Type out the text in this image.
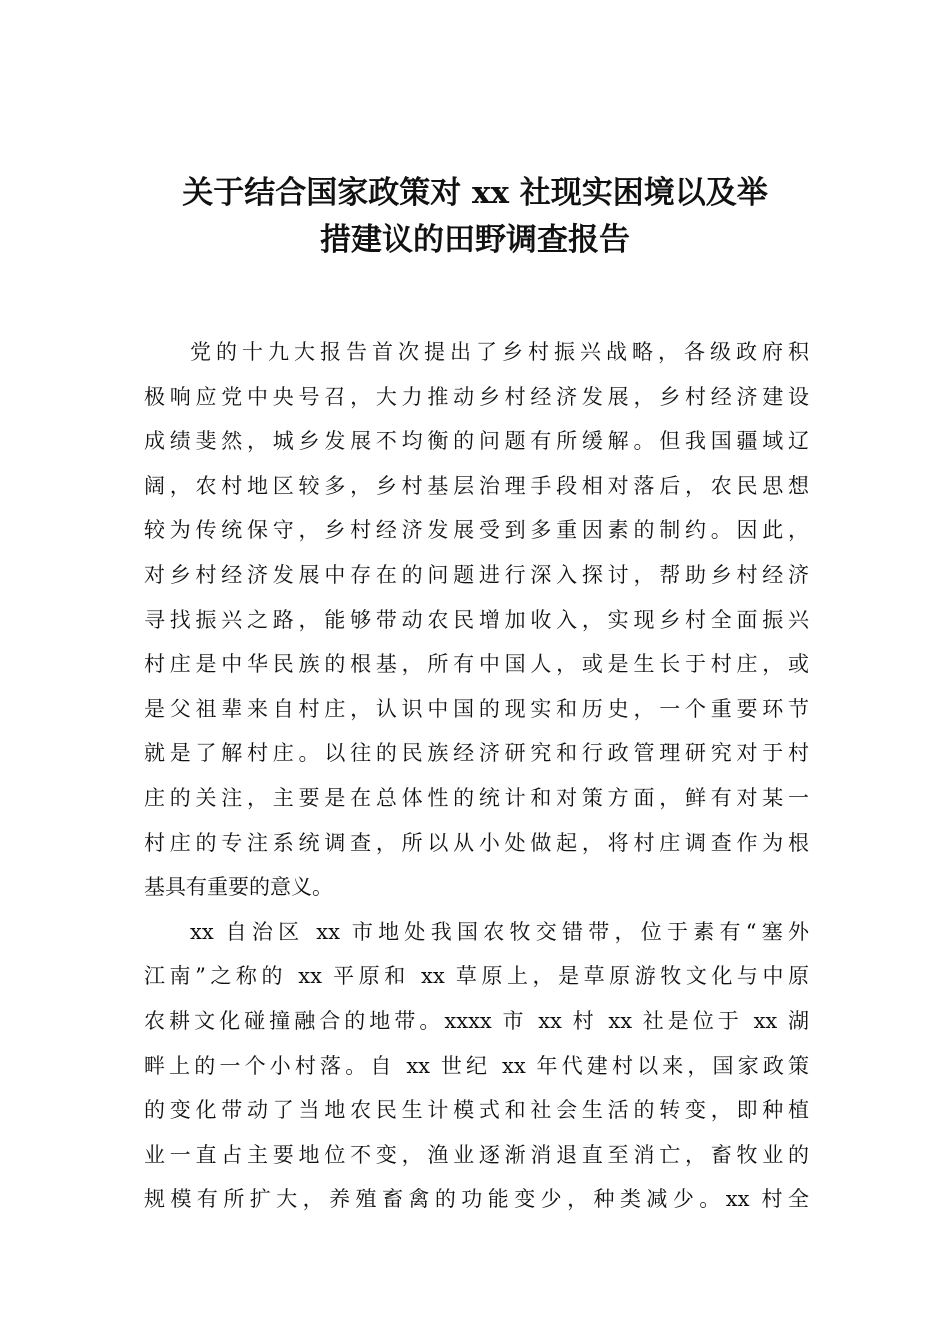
关于结合国家政策对 xx 社现实困境以及举
措建议的田野调查报告
党的十九大报告首次提出了乡村振兴战略，各级政府积
极响应党中央号召，大力推动乡村经济发展，乡村经济建设
成绩斐然，城乡发展不均衡的问题有所缓解。但我国疆域辽
阔，农村地区较多，乡村基层治理手段相对落后，农民思想
较为传统保守，乡村经济发展受到多重因素的制约。因此，
对乡村经济发展中存在的问题进行深入探讨，帮助乡村经济
寻找振兴之路，能够带动农民增加收入，实现乡村全面振兴
村庄是中华民族的根基，所有中国人，或是生长于村庄，或
是父祖辈来自村庄，认识中国的现实和历史，一个重要环节
就是了解村庄。以往的民族经济研究和行政管理研究对于村
庄的关注，主要是在总体性的统计和对策方面，鲜有对某一
村庄的专注系统调查，所以从小处做起，将村庄调查作为根
基具有重要的意义。
xx 自治区 xx 市地处我国农牧交错带，位于素有“塞外
江南”之称的 xx 平原和 xx 草原上，是草原游牧文化与中原
农耕文化碰撞融合的地带。xxxx 市 xx 村 xx 社是位于 xx 湖
畔上的一个小村落。自 xx 世纪 xx 年代建村以来，国家政策
的变化带动了当地农民生计模式和社会生活的转变，即种植
业一直占主要地位不变，渔业逐渐消退直至消亡，畜牧业的
规模有所扩大，养殖畜禽的功能变少，种类减少。xx 村全
